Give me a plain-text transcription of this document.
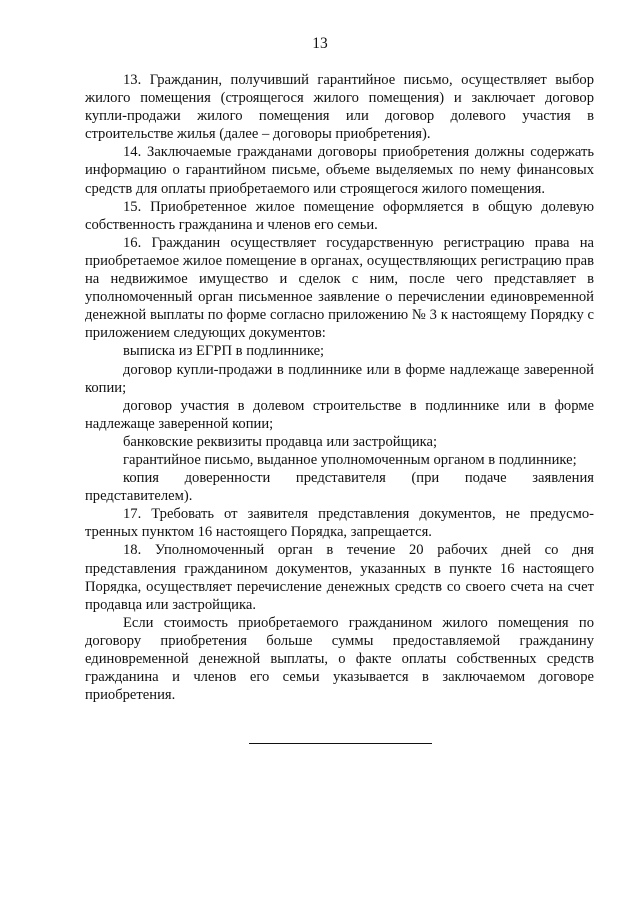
13

13. Гражданин, получивший гарантийное письмо, осуществляет выбор жилого помещения (строящегося жилого помещения) и заключает договор купли-продажи жилого помещения или договор долевого участия в строительстве жилья (далее – договоры приобретения).

14. Заключаемые гражданами договоры приобретения должны содержать информацию о гарантийном письме, объеме выделяемых по нему финансовых средств для оплаты приобретаемого или строящегося жилого помещения.

15. Приобретенное жилое помещение оформляется в общую долевую собственность гражданина и членов его семьи.

16. Гражданин осуществляет государственную регистрацию права на приобретаемое жилое помещение в органах, осуществляющих регистрацию прав на недвижимое имущество и сделок с ним, после чего представляет в уполномоченный орган письменное заявление о перечислении единовременной денежной выплаты по форме согласно приложению № 3 к настоящему Порядку с приложением следующих документов:

выписка из ЕГРП в подлиннике;

договор купли-продажи в подлиннике или в форме надлежаще заверенной копии;

договор участия в долевом строительстве в подлиннике или в форме надлежаще заверенной копии;

банковские реквизиты продавца или застройщика;

гарантийное письмо, выданное уполномоченным органом в подлиннике;

копия доверенности представителя (при подаче заявления представителем).

17. Требовать от заявителя представления документов, не предусмо-тренных пунктом 16 настоящего Порядка, запрещается.

18. Уполномоченный орган в течение 20 рабочих дней со дня представления гражданином документов, указанных в пункте 16 настоящего Порядка, осуществляет перечисление денежных средств со своего счета на счет продавца или застройщика.

Если стоимость приобретаемого гражданином жилого помещения по договору приобретения больше суммы предоставляемой гражданину единовременной денежной выплаты, о факте оплаты собственных средств гражданина и членов его семьи указывается в заключаемом договоре приобретения.
